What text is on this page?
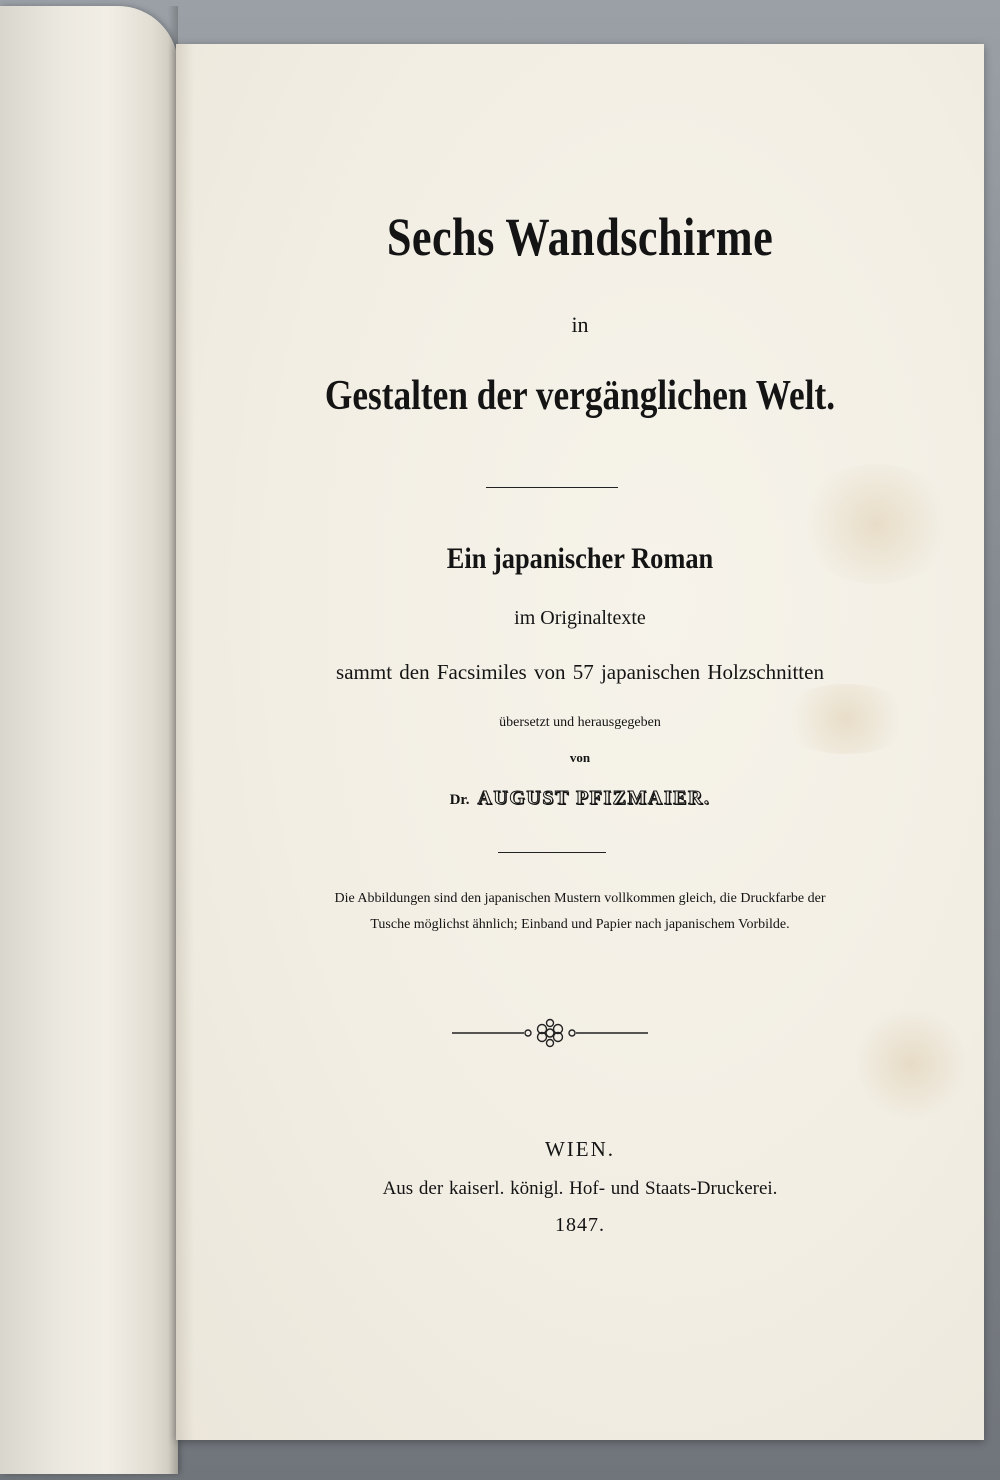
Sechs Wandschirme

in

Gestalten der vergänglichen Welt.

Ein japanischer Roman

im Originaltexte

sammt den Facsimiles von 57 japanischen Holzschnitten

übersetzt und herausgegeben

von

Dr. AUGUST PFIZMAIER.

Die Abbildungen sind den japanischen Mustern vollkommen gleich, die Druckfarbe der

Tusche möglichst ähnlich; Einband und Papier nach japanischem Vorbilde.

WIEN.

Aus der kaiserl. königl. Hof- und Staats-Druckerei.

1847.
